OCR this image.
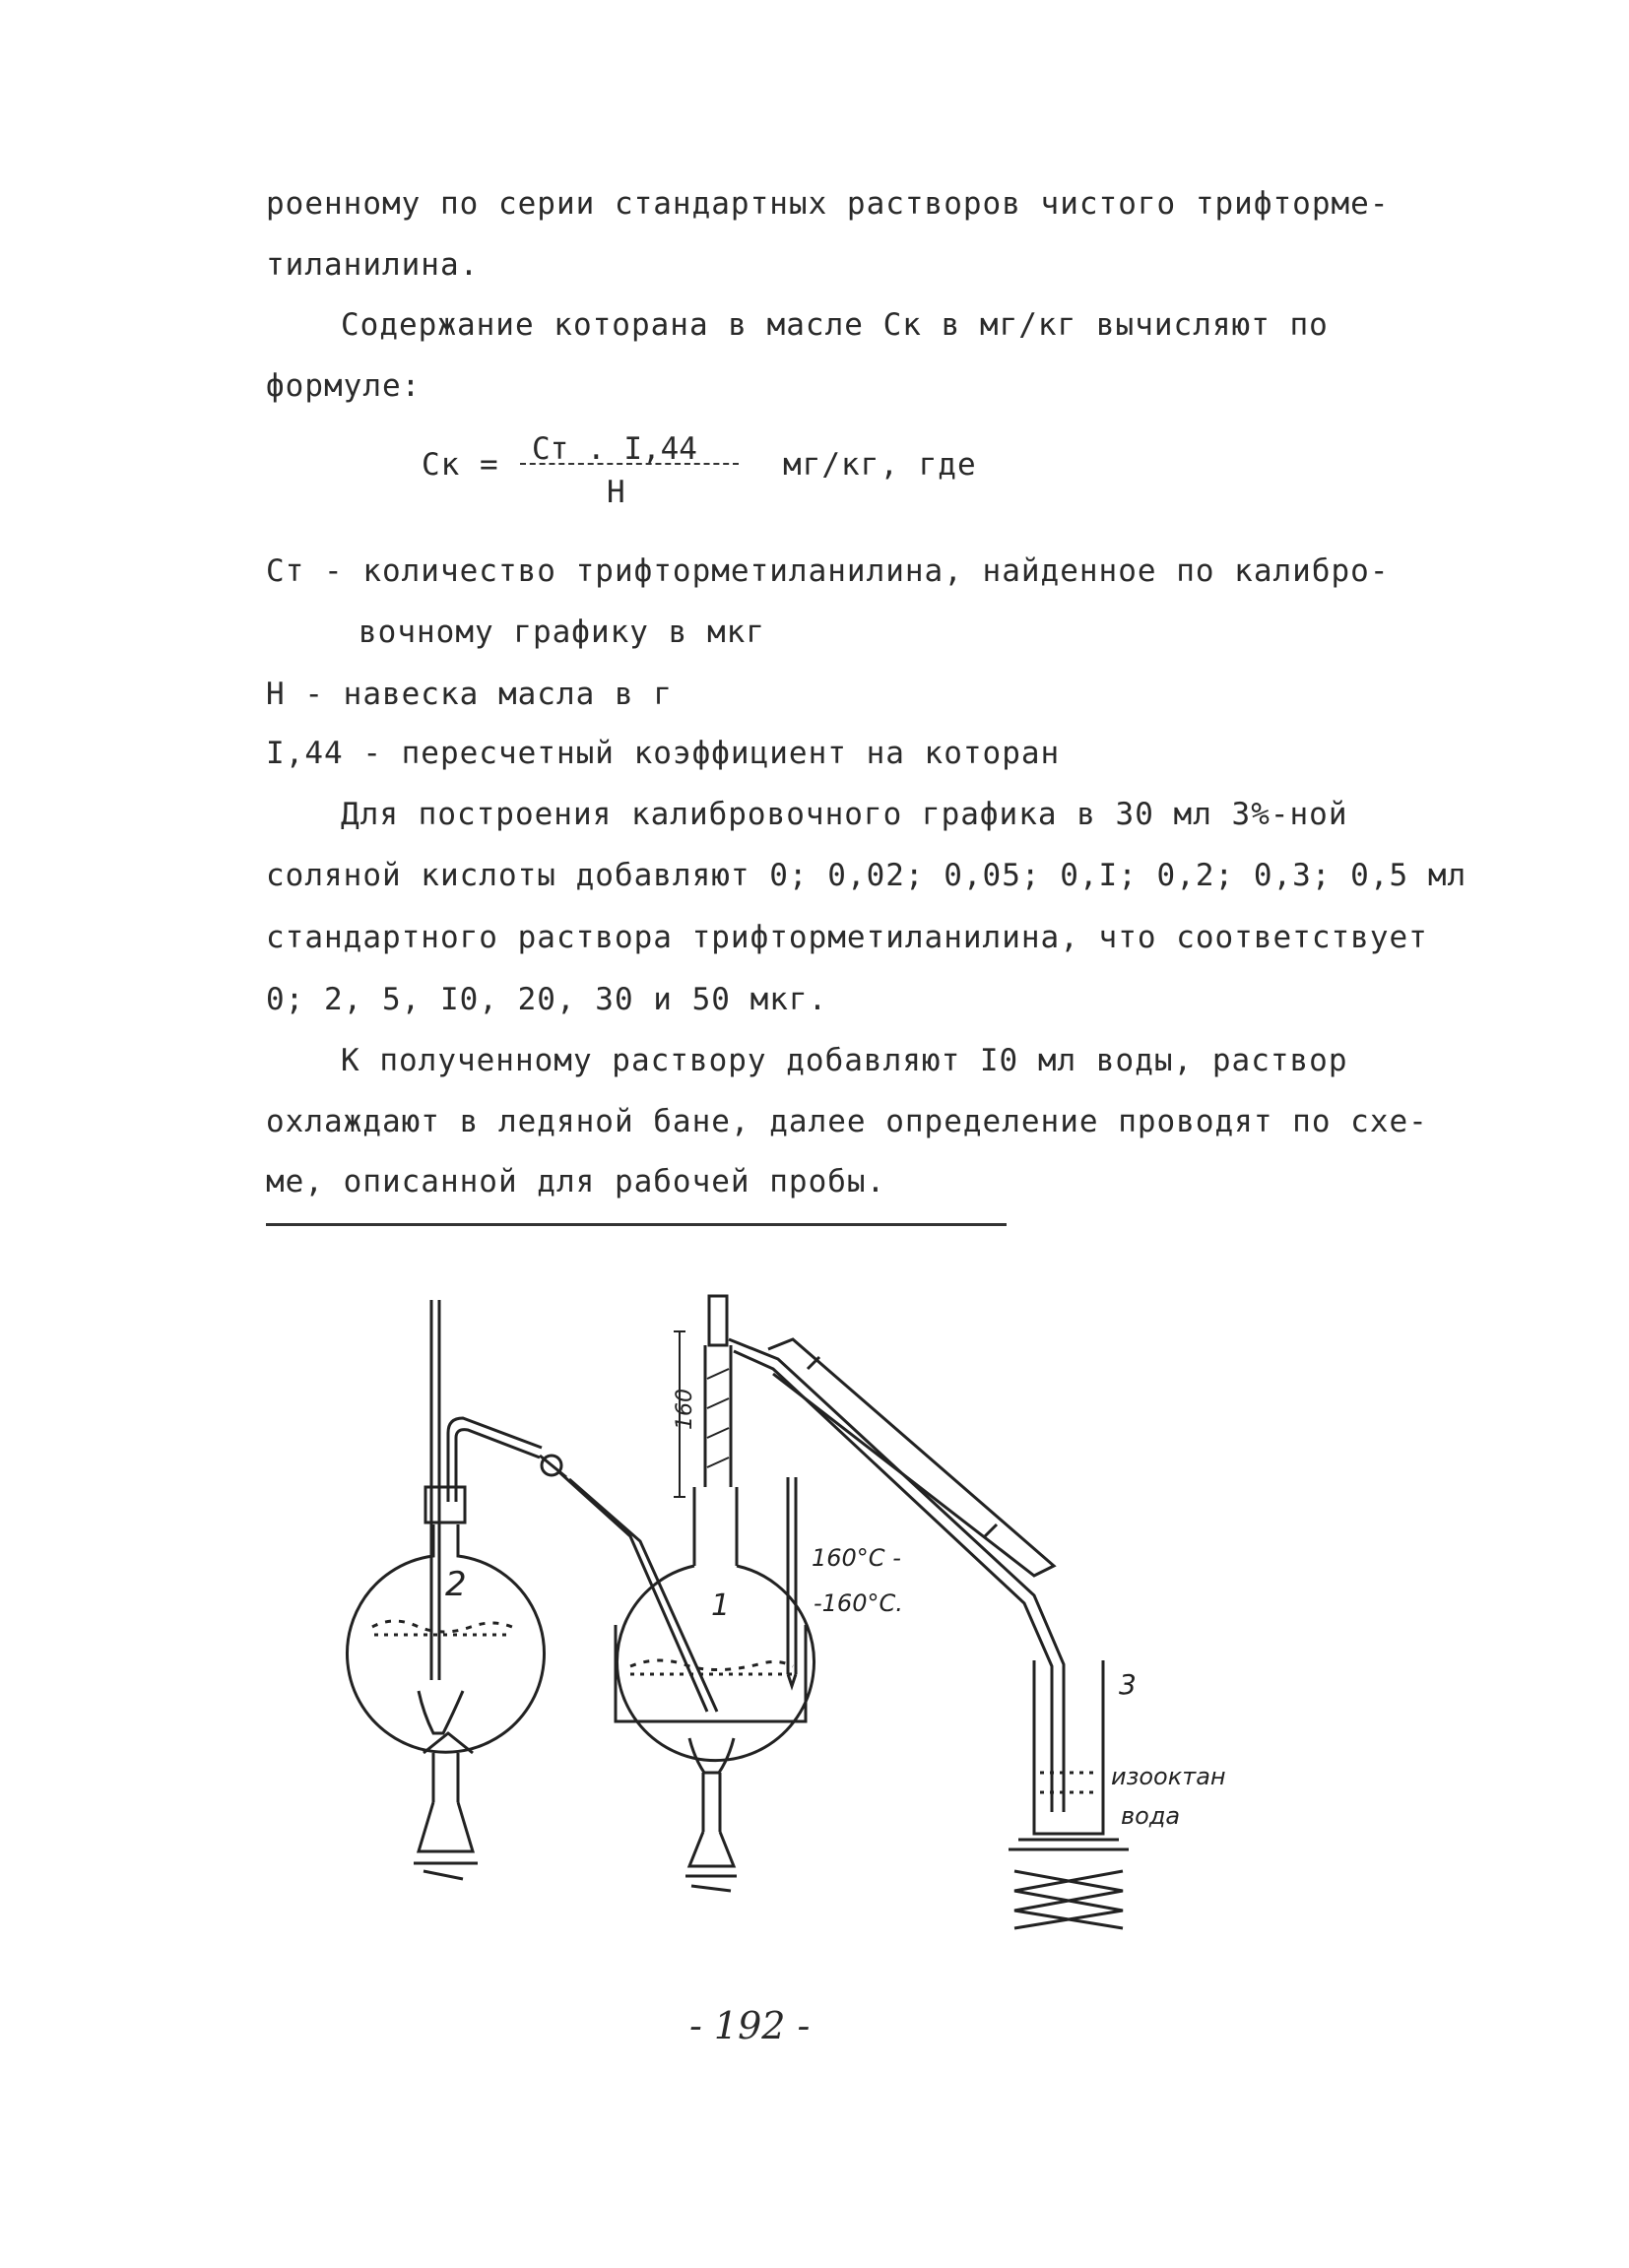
роенному по серии стандартных растворов чистого трифторме-
тиланилина.
Содержание которана в масле Ск в мг/кг вычисляют по
формуле:
Ск = Ст . I,44
Н
мг/кг, где
Ст - количество трифторметиланилина, найденное по калибро-
вочному графику в мкг
Н - навеска масла в г
I,44 - пересчетный коэффициент на которан
Для построения калибровочного графика в 30 мл 3%-ной
соляной кислоты добавляют 0; 0,02; 0,05; 0,I; 0,2; 0,3; 0,5 мл
стандартного раствора трифторметиланилина, что соответствует
0; 2, 5, I0, 20, 30 и 50 мкг.
К полученному раствору добавляют I0 мл воды, раствор
охлаждают в ледяной бане, далее определение проводят по схе-
ме, описанной для рабочей пробы.
2
1
3
160
160°C -
-160°C.
изооктан
вода
- 192 -
